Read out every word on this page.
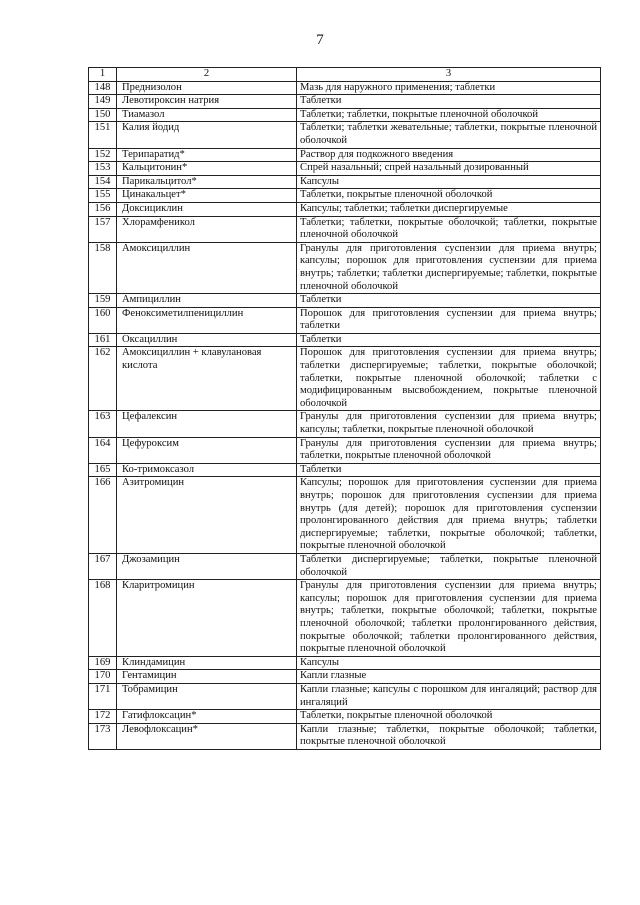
7
1	2	3
148	Преднизолон	Мазь для наружного применения; таблетки
149	Левотироксин натрия	Таблетки
150	Тиамазол	Таблетки; таблетки, покрытые пленочной оболочкой
151	Калия йодид	Таблетки; таблетки жевательные; таблетки, покрытые пленочной оболочкой
152	Терипаратид*	Раствор для подкожного введения
153	Кальцитонин*	Спрей назальный; спрей назальный дозированный
154	Парикальцитол*	Капсулы
155	Цинакальцет*	Таблетки, покрытые пленочной оболочкой
156	Доксициклин	Капсулы; таблетки; таблетки диспергируемые
157	Хлорамфеникол	Таблетки; таблетки, покрытые оболочкой; таблетки, покрытые пленочной оболочкой
158	Амоксициллин	Гранулы для приготовления суспензии для приема внутрь; капсулы; порошок для приготовления суспензии для приема внутрь; таблетки; таблетки диспергируемые; таблетки, покрытые пленочной оболочкой
159	Ампициллин	Таблетки
160	Феноксиметилпенициллин	Порошок для приготовления суспензии для приема внутрь; таблетки
161	Оксациллин	Таблетки
162	Амоксициллин + клавулановая кислота	Порошок для приготовления суспензии для приема внутрь; таблетки диспергируемые; таблетки, покрытые оболочкой; таблетки, покрытые пленочной оболочкой; таблетки с модифицированным высвобождением, покрытые пленочной оболочкой
163	Цефалексин	Гранулы для приготовления суспензии для приема внутрь; капсулы; таблетки, покрытые пленочной оболочкой
164	Цефуроксим	Гранулы для приготовления суспензии для приема внутрь; таблетки, покрытые пленочной оболочкой
165	Ко-тримоксазол	Таблетки
166	Азитромицин	Капсулы; порошок для приготовления суспензии для приема внутрь; порошок для приготовления суспензии для приема внутрь (для детей); порошок для приготовления суспензии пролонгированного действия для приема внутрь; таблетки диспергируемые; таблетки, покрытые оболочкой; таблетки, покрытые пленочной оболочкой
167	Джозамицин	Таблетки диспергируемые; таблетки, покрытые пленочной оболочкой
168	Кларитромицин	Гранулы для приготовления суспензии для приема внутрь; капсулы; порошок для приготовления суспензии для приема внутрь; таблетки, покрытые оболочкой; таблетки, покрытые пленочной оболочкой; таблетки пролонгированного действия, покрытые оболочкой; таблетки пролонгированного действия, покрытые пленочной оболочкой
169	Клиндамицин	Капсулы
170	Гентамицин	Капли глазные
171	Тобрамицин	Капли глазные; капсулы с порошком для ингаляций; раствор для ингаляций
172	Гатифлоксацин*	Таблетки, покрытые пленочной оболочкой
173	Левофлоксацин*	Капли глазные; таблетки, покрытые оболочкой; таблетки, покрытые пленочной оболочкой
